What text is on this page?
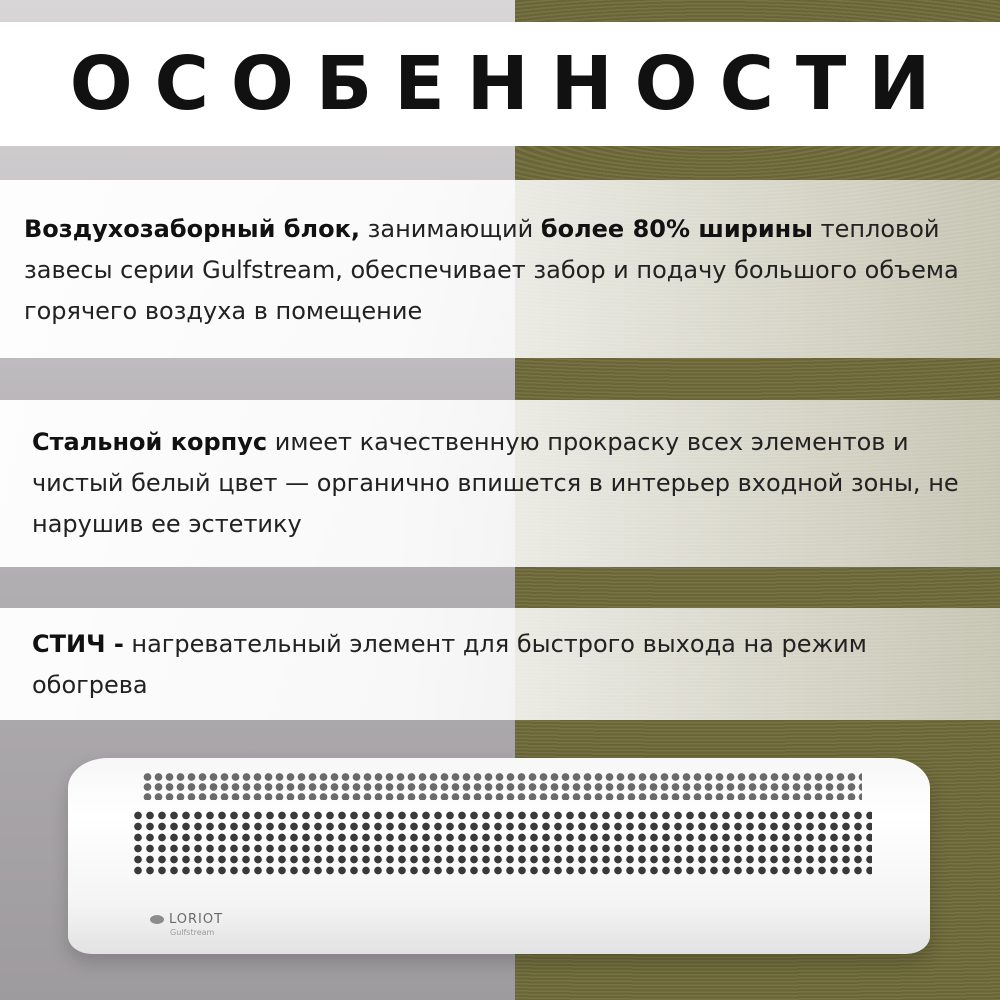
ОСОБЕННОСТИ
Воздухозаборный блок, занимающий более 80% ширины тепловой завесы серии Gulfstream, обеспечивает забор и подачу большого объема горячего воздуха в помещение
Стальной корпус имеет качественную прокраску всех элементов и чистый белый цвет — органично впишется в интерьер входной зоны, не нарушив ее эстетику
СТИЧ - нагревательный элемент для быстрого выхода на режим обогрева
LORIOT
Gulfstream
